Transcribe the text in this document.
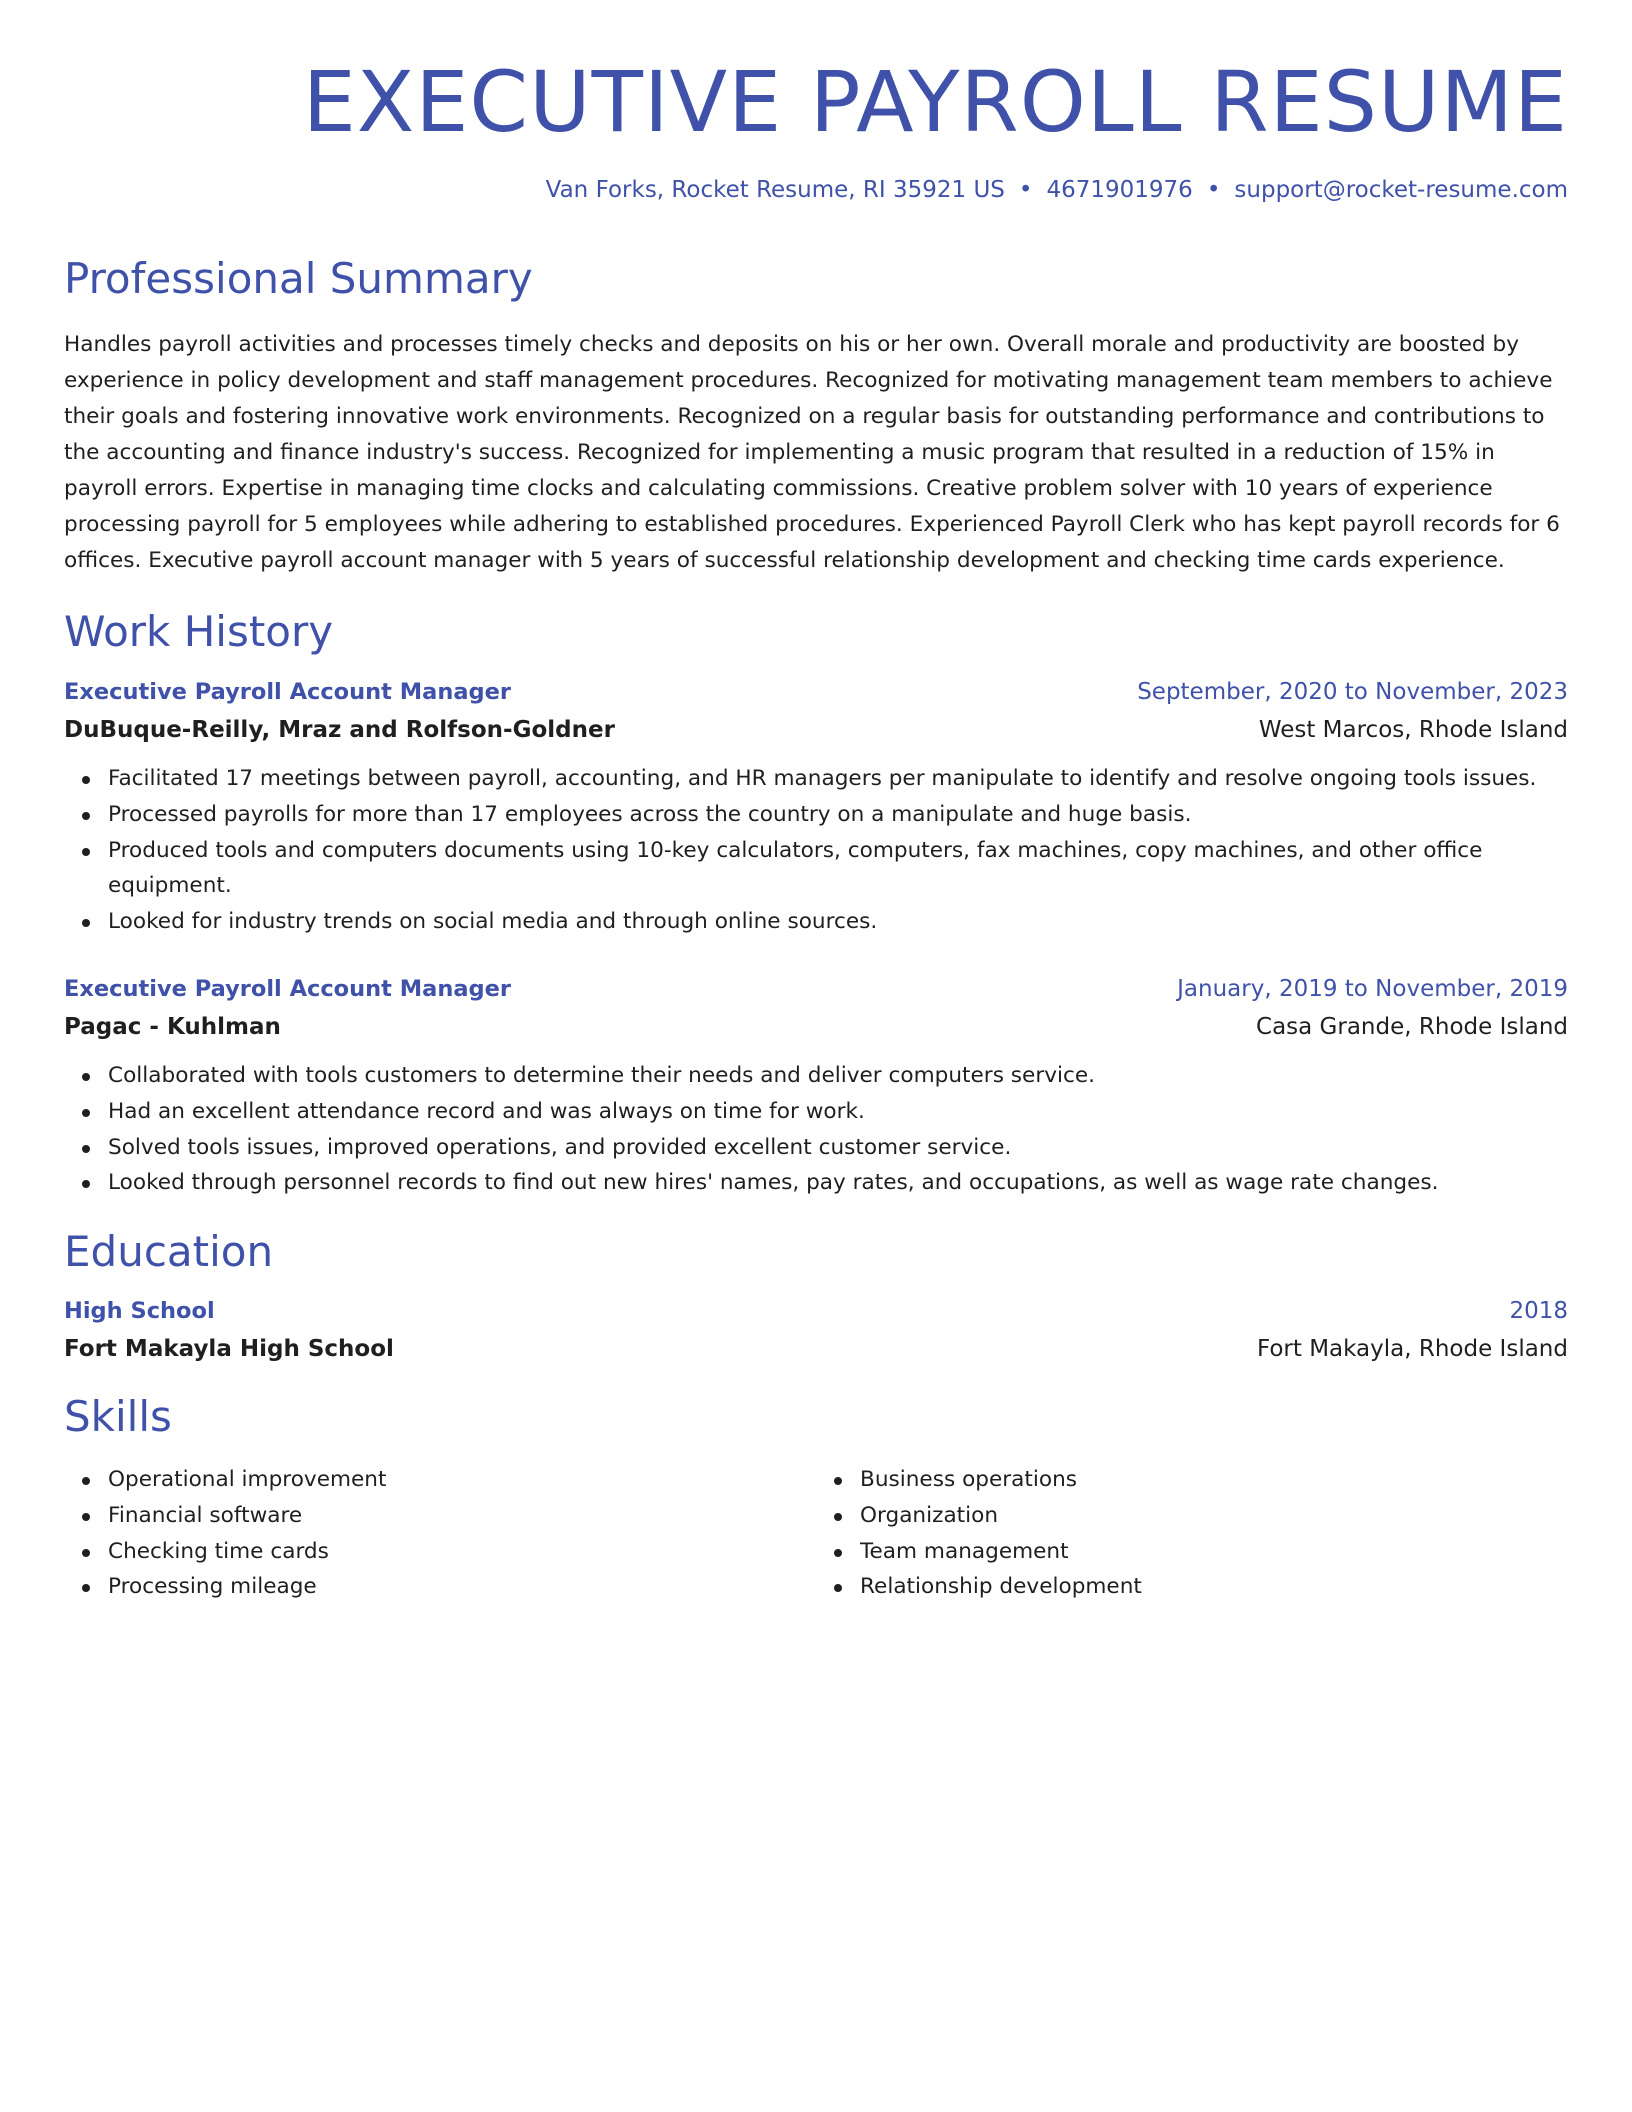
EXECUTIVE PAYROLL RESUME
Van Forks, Rocket Resume, RI 35921 US • 4671901976 • support@rocket-resume.com
Professional Summary

Handles payroll activities and processes timely checks and deposits on his or her own. Overall morale and productivity are boosted by experience in policy development and staff management procedures. Recognized for motivating management team members to achieve their goals and fostering innovative work environments. Recognized on a regular basis for outstanding performance and contributions to the accounting and finance industry's success. Recognized for implementing a music program that resulted in a reduction of 15% in payroll errors. Expertise in managing time clocks and calculating commissions. Creative problem solver with 10 years of experience processing payroll for 5 employees while adhering to established procedures. Experienced Payroll Clerk who has kept payroll records for 6 offices. Executive payroll account manager with 5 years of successful relationship development and checking time cards experience.

Work History
Executive Payroll Account Manager	September, 2020 to November, 2023
DuBuque-Reilly, Mraz and Rolfson-Goldner	West Marcos, Rhode Island
Facilitated 17 meetings between payroll, accounting, and HR managers per manipulate to identify and resolve ongoing tools issues.
Processed payrolls for more than 17 employees across the country on a manipulate and huge basis.
Produced tools and computers documents using 10-key calculators, computers, fax machines, copy machines, and other office equipment.
Looked for industry trends on social media and through online sources.
Executive Payroll Account Manager	January, 2019 to November, 2019
Pagac - Kuhlman	Casa Grande, Rhode Island
Collaborated with tools customers to determine their needs and deliver computers service.
Had an excellent attendance record and was always on time for work.
Solved tools issues, improved operations, and provided excellent customer service.
Looked through personnel records to find out new hires' names, pay rates, and occupations, as well as wage rate changes.
Education
High School	2018
Fort Makayla High School	Fort Makayla, Rhode Island
Skills
Operational improvement
Financial software
Checking time cards
Processing mileage
Business operations
Organization
Team management
Relationship development
